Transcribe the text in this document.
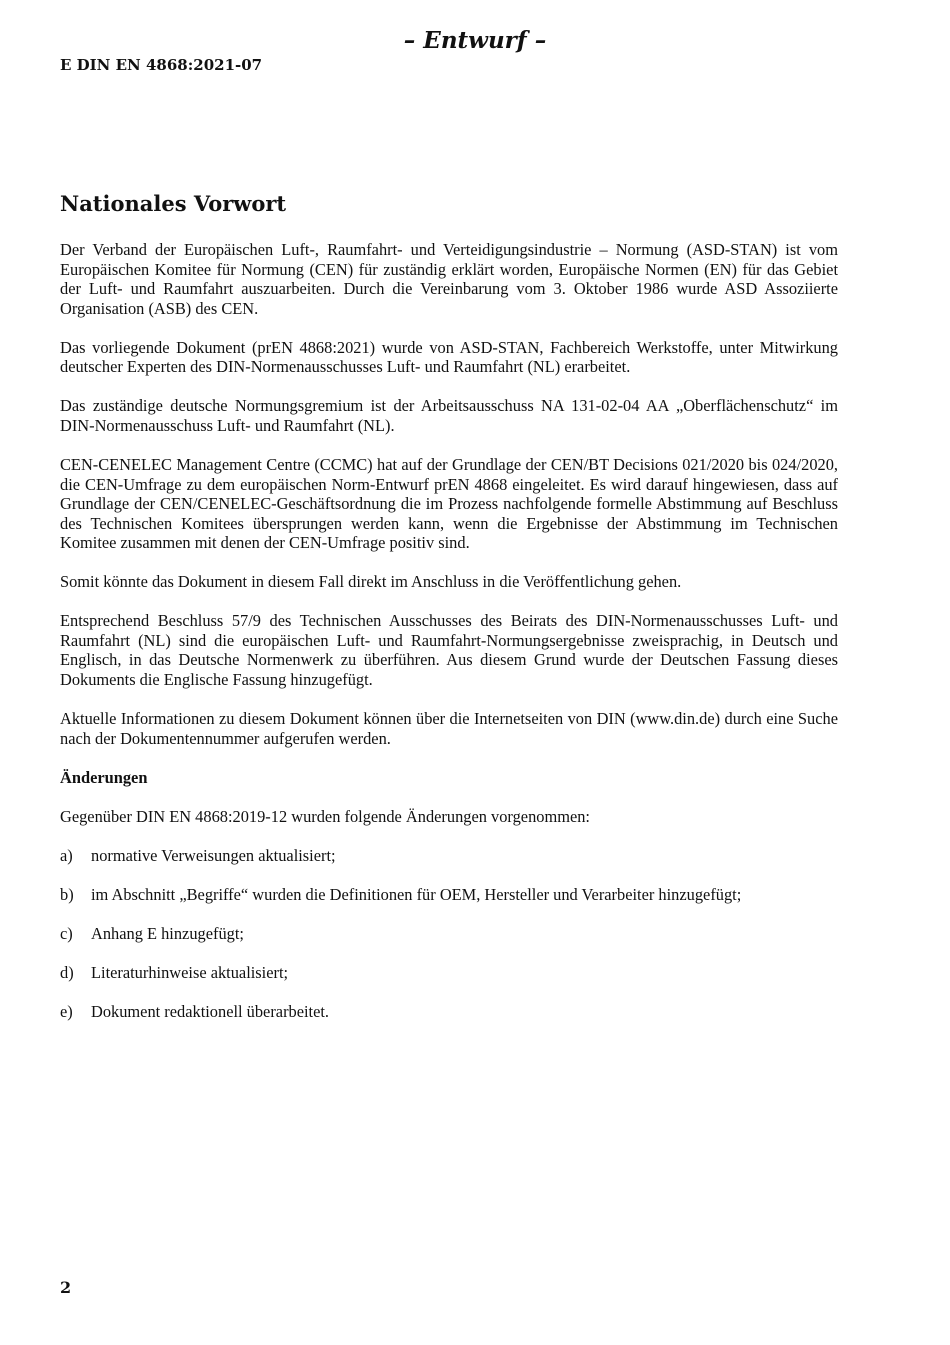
– Entwurf –
E DIN EN 4868:2021-07
Nationales Vorwort

Der Verband der Europäischen Luft-, Raumfahrt- und Verteidigungsindustrie – Normung (ASD-STAN) ist vom Europäischen Komitee für Normung (CEN) für zuständig erklärt worden, Europäische Normen (EN) für das Gebiet der Luft- und Raumfahrt auszuarbeiten. Durch die Vereinbarung vom 3. Oktober 1986 wurde ASD Assoziierte Organisation (ASB) des CEN.

Das vorliegende Dokument (prEN 4868:2021) wurde von ASD-STAN, Fachbereich Werkstoffe, unter Mitwirkung deutscher Experten des DIN-Normenausschusses Luft- und Raumfahrt (NL) erarbeitet.

Das zuständige deutsche Normungsgremium ist der Arbeitsausschuss NA 131-02-04 AA „Oberflächenschutz“ im DIN-Normenausschuss Luft- und Raumfahrt (NL).

CEN-CENELEC Management Centre (CCMC) hat auf der Grundlage der CEN/BT Decisions 021/2020 bis 024/2020, die CEN-Umfrage zu dem europäischen Norm-Entwurf prEN 4868 eingeleitet. Es wird darauf hingewiesen, dass auf Grundlage der CEN/CENELEC-Geschäftsordnung die im Prozess nachfolgende formelle Abstimmung auf Beschluss des Technischen Komitees übersprungen werden kann, wenn die Ergebnisse der Abstimmung im Technischen Komitee zusammen mit denen der CEN-Umfrage positiv sind.

Somit könnte das Dokument in diesem Fall direkt im Anschluss in die Veröffentlichung gehen.

Entsprechend Beschluss 57/9 des Technischen Ausschusses des Beirats des DIN-Normenausschusses Luft- und Raumfahrt (NL) sind die europäischen Luft- und Raumfahrt-Normungsergebnisse zweisprachig, in Deutsch und Englisch, in das Deutsche Normenwerk zu überführen. Aus diesem Grund wurde der Deutschen Fassung dieses Dokuments die Englische Fassung hinzugefügt.

Aktuelle Informationen zu diesem Dokument können über die Internetseiten von DIN (www.din.de) durch eine Suche nach der Dokumentennummer aufgerufen werden.

Änderungen

Gegenüber DIN EN 4868:2019-12 wurden folgende Änderungen vorgenommen:

a)	normative Verweisungen aktualisiert;
b)	im Abschnitt „Begriffe“ wurden die Definitionen für OEM, Hersteller und Verarbeiter hinzugefügt;
c)	Anhang E hinzugefügt;
d)	Literaturhinweise aktualisiert;
e)	Dokument redaktionell überarbeitet.
2
